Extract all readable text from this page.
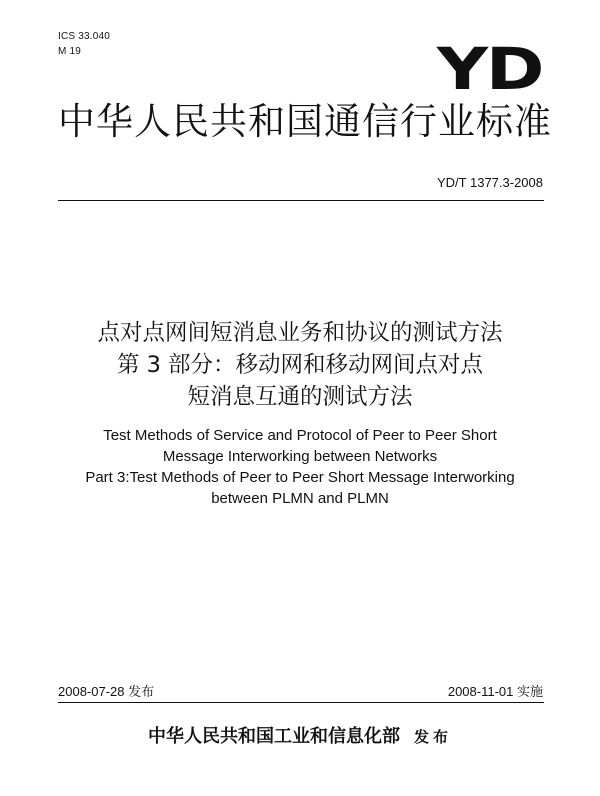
ICS 33.040
M 19	YD
中华人民共和国通信行业标准
YD/T 1377.3-2008
点对点网间短消息业务和协议的测试方法
第 3 部分：移动网和移动网间点对点
短消息互通的测试方法
Test Methods of Service and Protocol of Peer to Peer Short
Message Interworking between Networks
Part 3:Test Methods of Peer to Peer Short Message Interworking
between PLMN and PLMN
2008-07-28 发布	2008-11-01 实施
中华人民共和国工业和信息化部 发布
